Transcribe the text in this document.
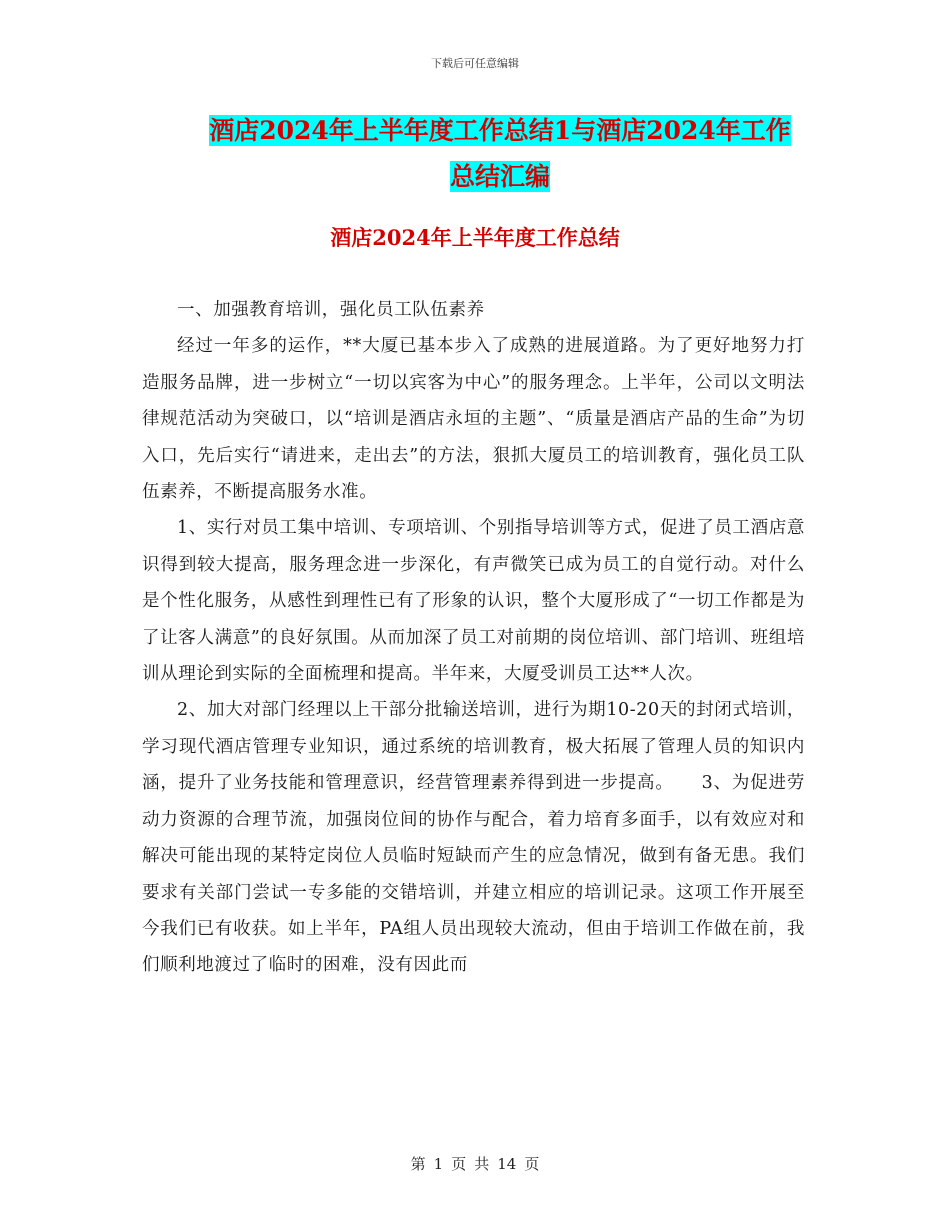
下载后可任意编辑
酒店2024年上半年度工作总结1与酒店2024年工作
总结汇编
酒店2024年上半年度工作总结

一、加强教育培训，强化员工队伍素养

经过一年多的运作，**大厦已基本步入了成熟的进展道路。为了更好地努力打造服务品牌，进一步树立“一切以宾客为中心”的服务理念。上半年，公司以文明法律规范活动为突破口，以“培训是酒店永垣的主题”、“质量是酒店产品的生命”为切入口，先后实行“请进来，走出去”的方法，狠抓大厦员工的培训教育，强化员工队伍素养，不断提高服务水准。

1、实行对员工集中培训、专项培训、个别指导培训等方式，促进了员工酒店意识得到较大提高，服务理念进一步深化，有声微笑已成为员工的自觉行动。对什么是个性化服务，从感性到理性已有了形象的认识，整个大厦形成了“一切工作都是为了让客人满意”的良好氛围。从而加深了员工对前期的岗位培训、部门培训、班组培训从理论到实际的全面梳理和提高。半年来，大厦受训员工达**人次。

2、加大对部门经理以上干部分批输送培训，进行为期10-20天的封闭式培训，学习现代酒店管理专业知识，通过系统的培训教育，极大拓展了管理人员的知识内涵，提升了业务技能和管理意识，经营管理素养得到进一步提高。　　3、为促进劳动力资源的合理节流，加强岗位间的协作与配合，着力培育多面手，以有效应对和解决可能出现的某特定岗位人员临时短缺而产生的应急情况，做到有备无患。我们要求有关部门尝试一专多能的交错培训，并建立相应的培训记录。这项工作开展至今我们已有收获。如上半年，PA组人员出现较大流动，但由于培训工作做在前，我们顺利地渡过了临时的困难，没有因此而

第 1 页 共 14 页
